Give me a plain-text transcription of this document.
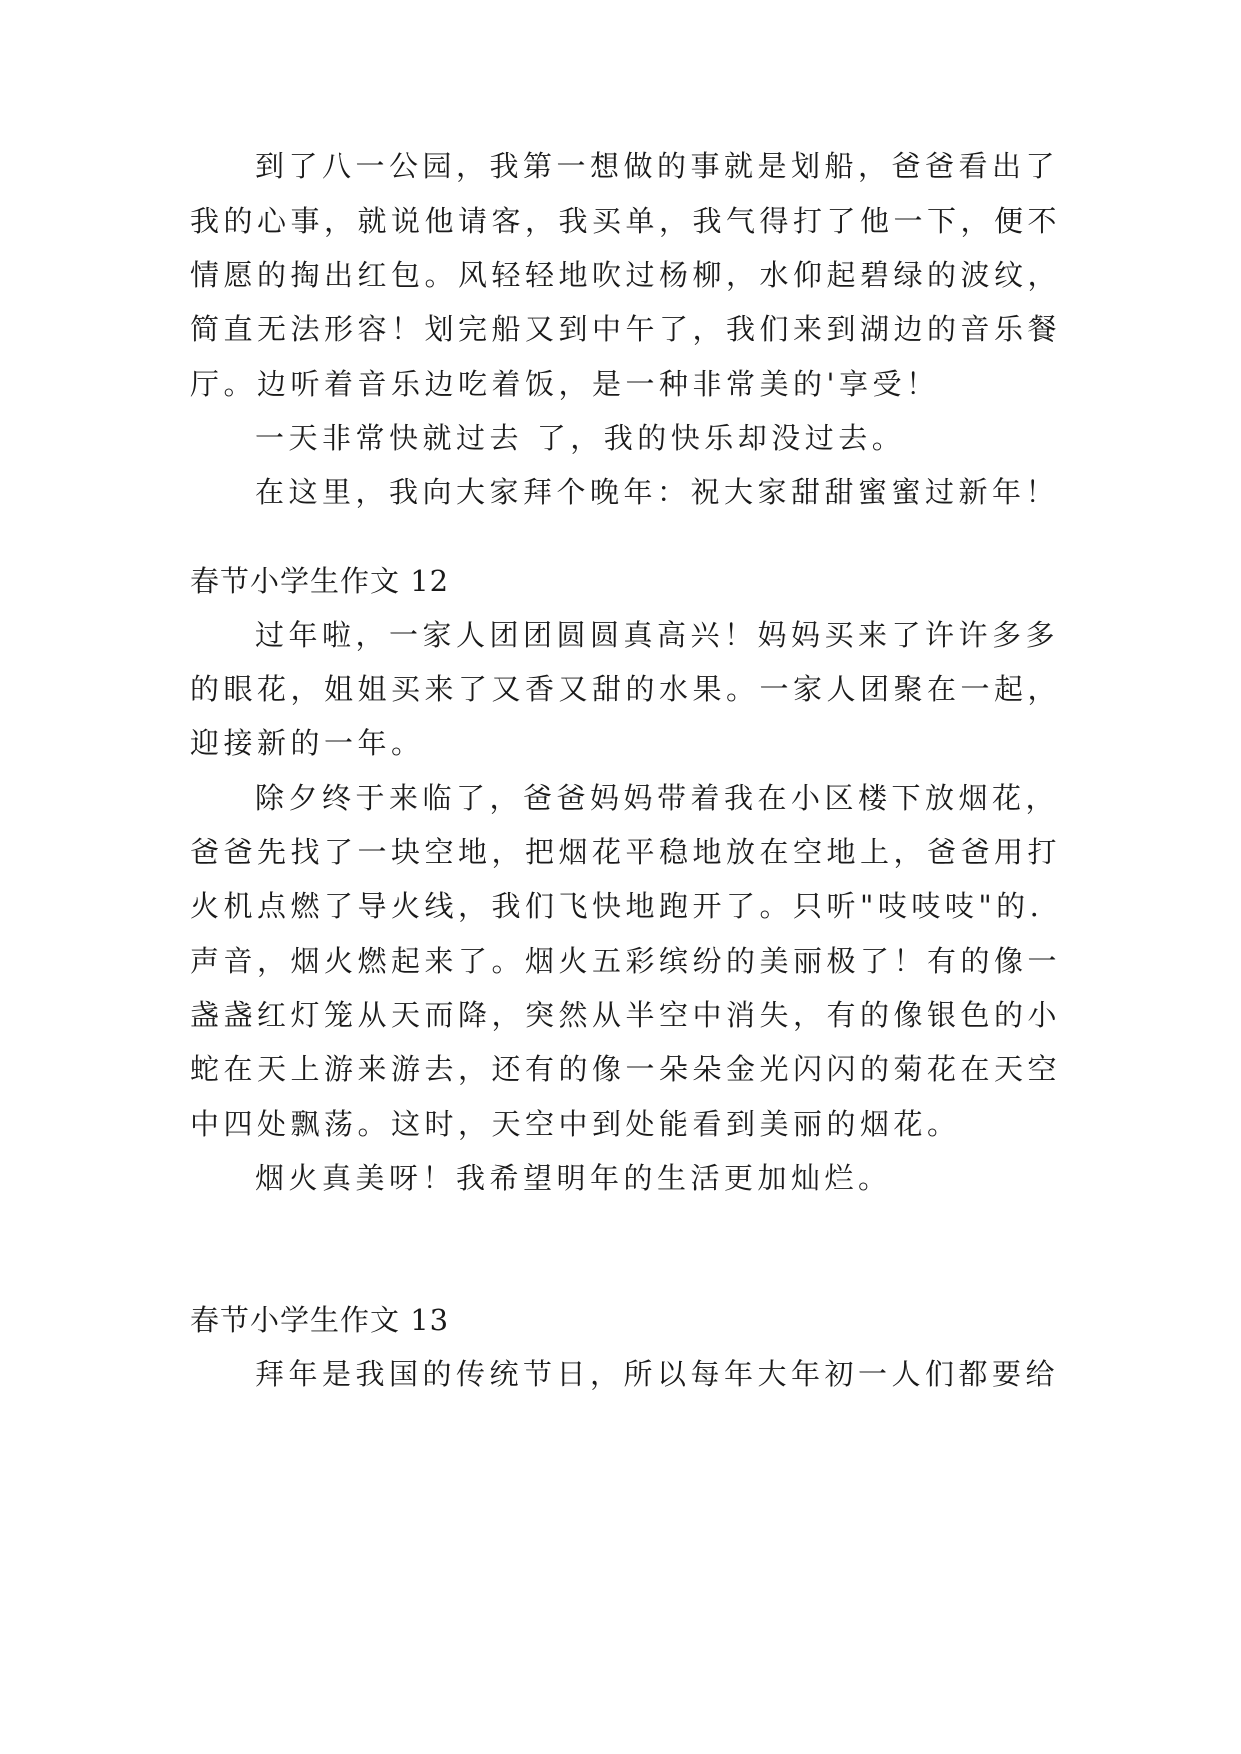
到了八一公园，我第一想做的事就是划船，爸爸看出了
我的心事，就说他请客，我买单，我气得打了他一下，便不
情愿的掏出红包。风轻轻地吹过杨柳，水仰起碧绿的波纹，
简直无法形容！划完船又到中午了，我们来到湖边的音乐餐
厅。边听着音乐边吃着饭，是一种非常美的'享受！
一天非常快就过去 了，我的快乐却没过去。
在这里，我向大家拜个晚年：祝大家甜甜蜜蜜过新年！
春节小学生作文 12
过年啦，一家人团团圆圆真高兴！妈妈买来了许许多多
的眼花，姐姐买来了又香又甜的水果。一家人团聚在一起，
迎接新的一年。
除夕终于来临了，爸爸妈妈带着我在小区楼下放烟花，
爸爸先找了一块空地，把烟花平稳地放在空地上，爸爸用打
火机点燃了导火线，我们飞快地跑开了。只听"吱吱吱"的.
声音，烟火燃起来了。烟火五彩缤纷的美丽极了！有的像一
盏盏红灯笼从天而降，突然从半空中消失，有的像银色的小
蛇在天上游来游去，还有的像一朵朵金光闪闪的菊花在天空
中四处飘荡。这时，天空中到处能看到美丽的烟花。
烟火真美呀！我希望明年的生活更加灿烂。
春节小学生作文 13
拜年是我国的传统节日，所以每年大年初一人们都要给
